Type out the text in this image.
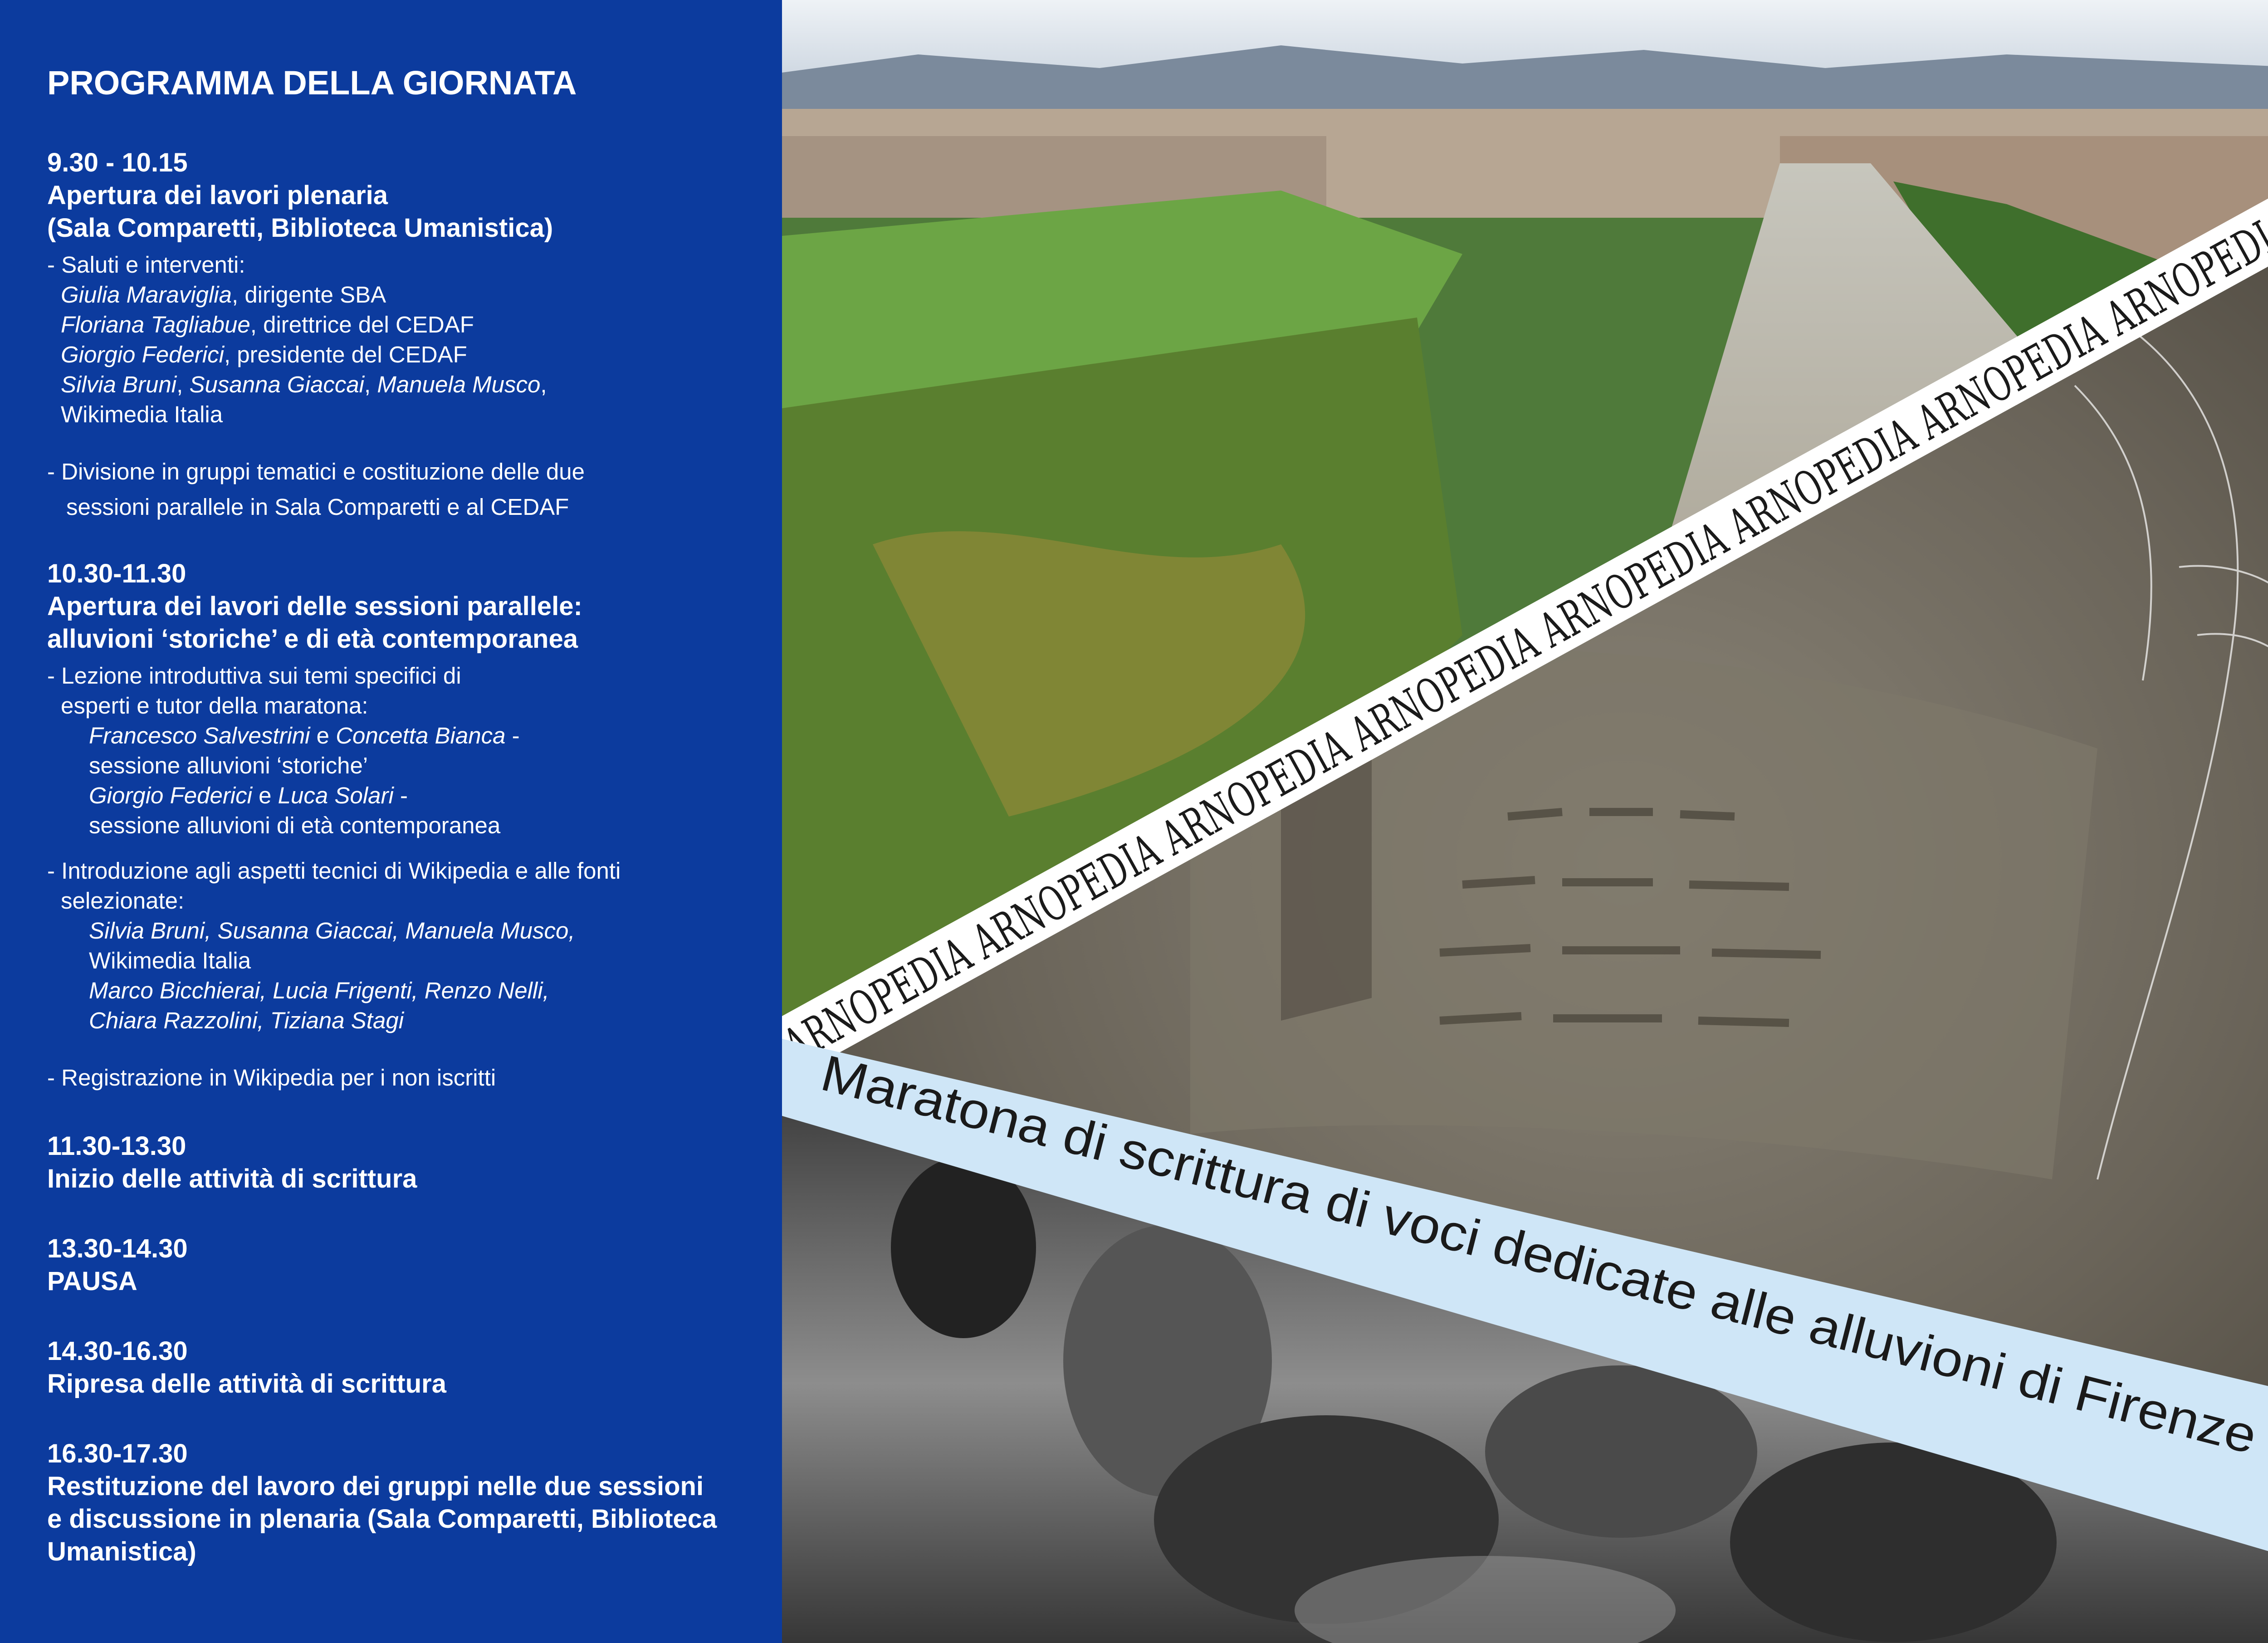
PROGRAMMA DELLA GIORNATA
9.30 - 10.15
Apertura dei lavori plenaria
(Sala Comparetti, Biblioteca Umanistica)
- Saluti e interventi:
Giulia Maraviglia, dirigente SBA
Floriana Tagliabue, direttrice del CEDAF
Giorgio Federici, presidente del CEDAF
Silvia Bruni, Susanna Giaccai, Manuela Musco,
Wikimedia Italia
- Divisione in gruppi tematici e costituzione delle due
sessioni parallele in Sala Comparetti e al CEDAF
10.30-11.30
Apertura dei lavori delle sessioni parallele:
alluvioni ‘storiche’ e di età contemporanea
- Lezione introduttiva sui temi specifici di
esperti e tutor della maratona:
Francesco Salvestrini e Concetta Bianca -
sessione alluvioni ‘storiche’
Giorgio Federici e Luca Solari -
sessione alluvioni di età contemporanea
- Introduzione agli aspetti tecnici di Wikipedia e alle fonti
selezionate:
Silvia Bruni, Susanna Giaccai, Manuela Musco,
Wikimedia Italia
Marco Bicchierai, Lucia Frigenti, Renzo Nelli,
Chiara Razzolini, Tiziana Stagi
- Registrazione in Wikipedia per i non iscritti
11.30-13.30
Inizio delle attività di scrittura
13.30-14.30
PAUSA
14.30-16.30
Ripresa delle attività di scrittura
16.30-17.30
Restituzione del lavoro dei gruppi nelle due sessioni
e discussione in plenaria (Sala Comparetti, Biblioteca
Umanistica)
Maratona di scrittura di voci dedicate alle alluvioni di Firenze
